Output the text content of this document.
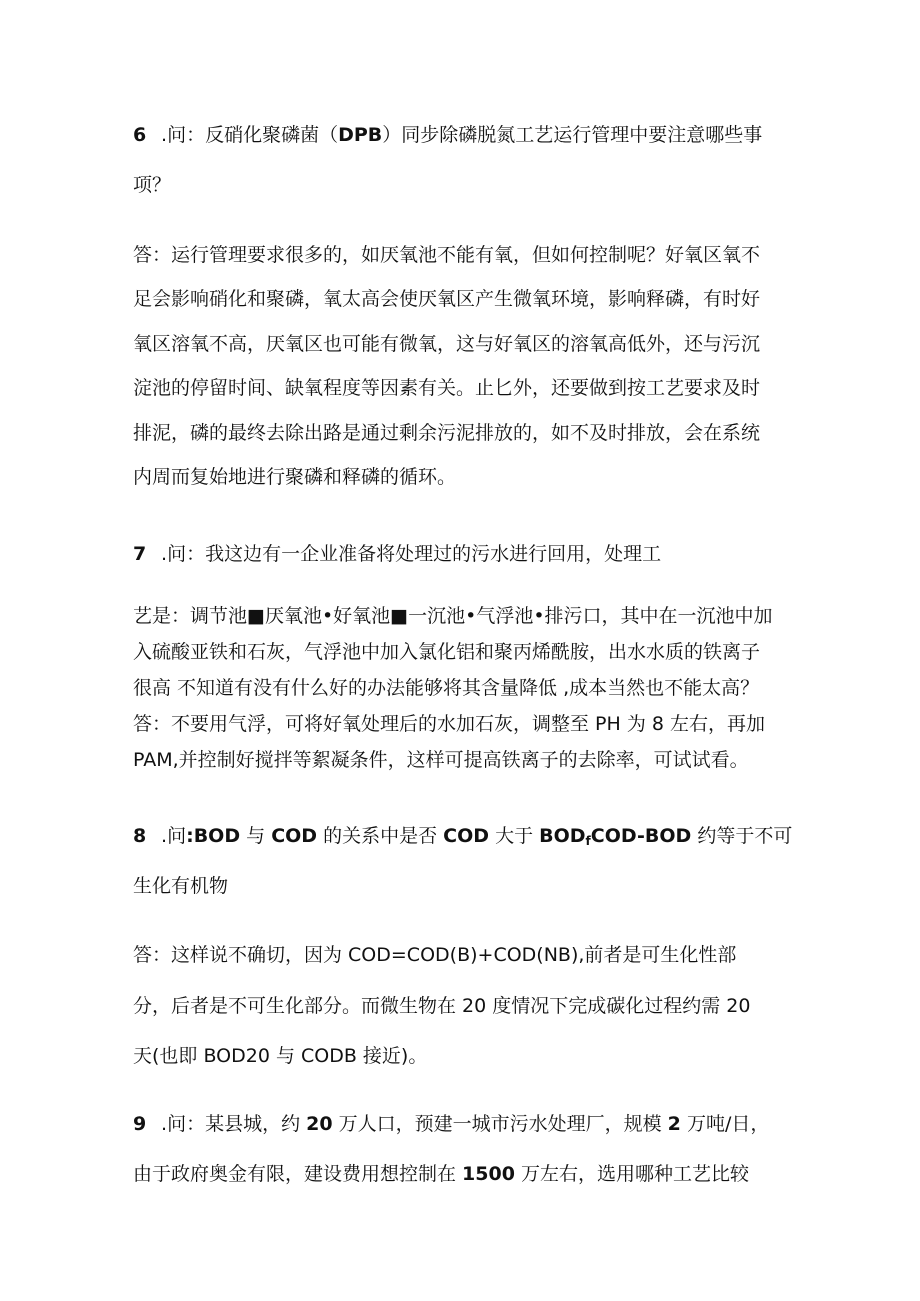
6 .问：反硝化聚磷菌（DPB）同步除磷脱氮工艺运行管理中要注意哪些事
项？
答：运行管理要求很多的，如厌氧池不能有氧，但如何控制呢？好氧区氧不
足会影响硝化和聚磷，氧太高会使厌氧区产生微氧环境，影响释磷，有时好
氧区溶氧不高，厌氧区也可能有微氧，这与好氧区的溶氧高低外，还与污沉
淀池的停留时间、缺氧程度等因素有关。止匕外，还要做到按工艺要求及时
排泥，磷的最终去除出路是通过剩余污泥排放的，如不及时排放，会在系统
内周而复始地进行聚磷和释磷的循环。
7 .问：我这边有一企业准备将处理过的污水进行回用，处理工
艺是：调节池■厌氧池•好氧池■一沉池•气浮池•排污口，其中在一沉池中加
入硫酸亚铁和石灰，气浮池中加入氯化铝和聚丙烯酰胺，出水水质的铁离子
很高 不知道有没有什么好的办法能够将其含量降低 ,成本当然也不能太高？
答：不要用气浮，可将好氧处理后的水加石灰，调整至 PH 为 8 左右，再加
PAM,并控制好搅拌等絮凝条件，这样可提高铁离子的去除率，可试试看。
8 .问:BOD 与 COD 的关系中是否 COD 大于 $BOD_fCOD$-BOD 约等于不可
生化有机物
答：这样说不确切，因为 COD=COD(B)+COD(NB),前者是可生化性部
分，后者是不可生化部分。而微生物在 20 度情况下完成碳化过程约需 20
天(也即 BOD20 与 CODB 接近)。
9 .问：某县城，约 20 万人口，预建一城市污水处理厂，规模 2 万吨/日，
由于政府奥金有限，建设费用想控制在 1500 万左右，选用哪种工艺比较
